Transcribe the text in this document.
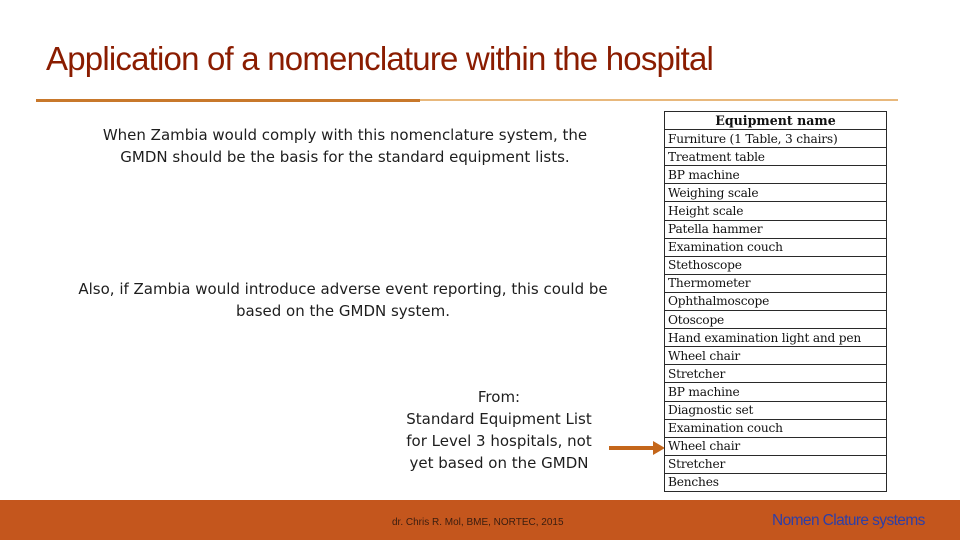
Application of a nomenclature within the hospital
When Zambia would comply with this nomenclature system, the GMDN should be the basis for the standard equipment lists.
Also, if Zambia would introduce adverse event reporting, this could be based on the GMDN system.
From:
Standard Equipment List
for Level 3 hospitals, not
yet based on the GMDN
Equipment name
Furniture (1 Table, 3 chairs)
Treatment table
BP machine
Weighing scale
Height scale
Patella hammer
Examination couch
Stethoscope
Thermometer
Ophthalmoscope
Otoscope
Hand examination light and pen
Wheel chair
Stretcher
BP machine
Diagnostic set
Examination couch
Wheel chair
Stretcher
Benches
dr. Chris R. Mol, BME, NORTEC, 2015	Nomen Clature systems
